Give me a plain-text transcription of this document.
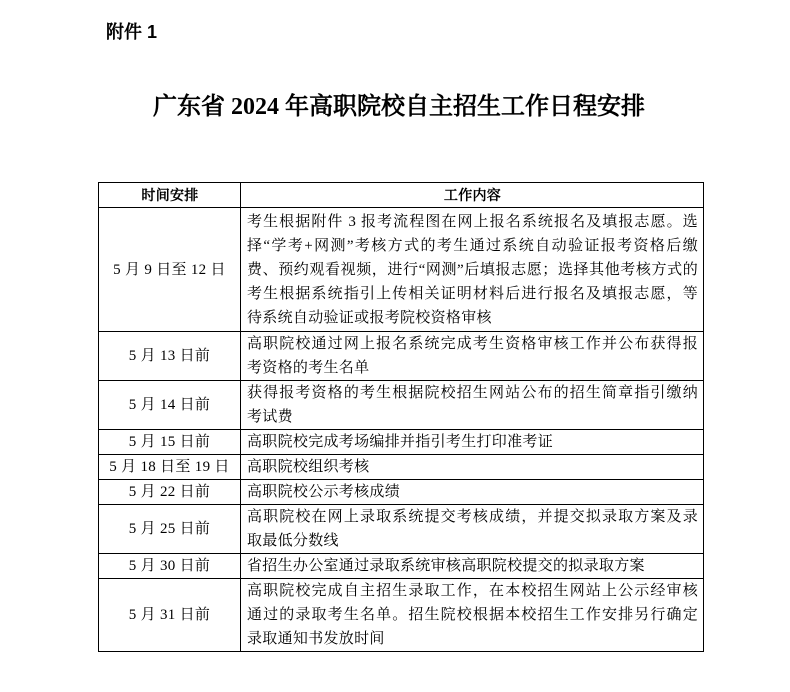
附件 1
广东省 2024 年高职院校自主招生工作日程安排
时间安排	工作内容
5 月 9 日至 12 日	考生根据附件 3 报考流程图在网上报名系统报名及填报志愿。选
择“学考+网测”考核方式的考生通过系统自动验证报考资格后缴
费、预约观看视频，进行“网测”后填报志愿；选择其他考核方式的
考生根据系统指引上传相关证明材料后进行报名及填报志愿，等
待系统自动验证或报考院校资格审核

5 月 13 日前	高职院校通过网上报名系统完成考生资格审核工作并公布获得报
考资格的考生名单

5 月 14 日前	获得报考资格的考生根据院校招生网站公布的招生简章指引缴纳
考试费

5 月 15 日前	高职院校完成考场编排并指引考生打印准考证

5 月 18 日至 19 日	高职院校组织考核

5 月 22 日前	高职院校公示考核成绩

5 月 25 日前	高职院校在网上录取系统提交考核成绩，并提交拟录取方案及录
取最低分数线

5 月 30 日前	省招生办公室通过录取系统审核高职院校提交的拟录取方案

5 月 31 日前	高职院校完成自主招生录取工作，在本校招生网站上公示经审核
通过的录取考生名单。招生院校根据本校招生工作安排另行确定
录取通知书发放时间
